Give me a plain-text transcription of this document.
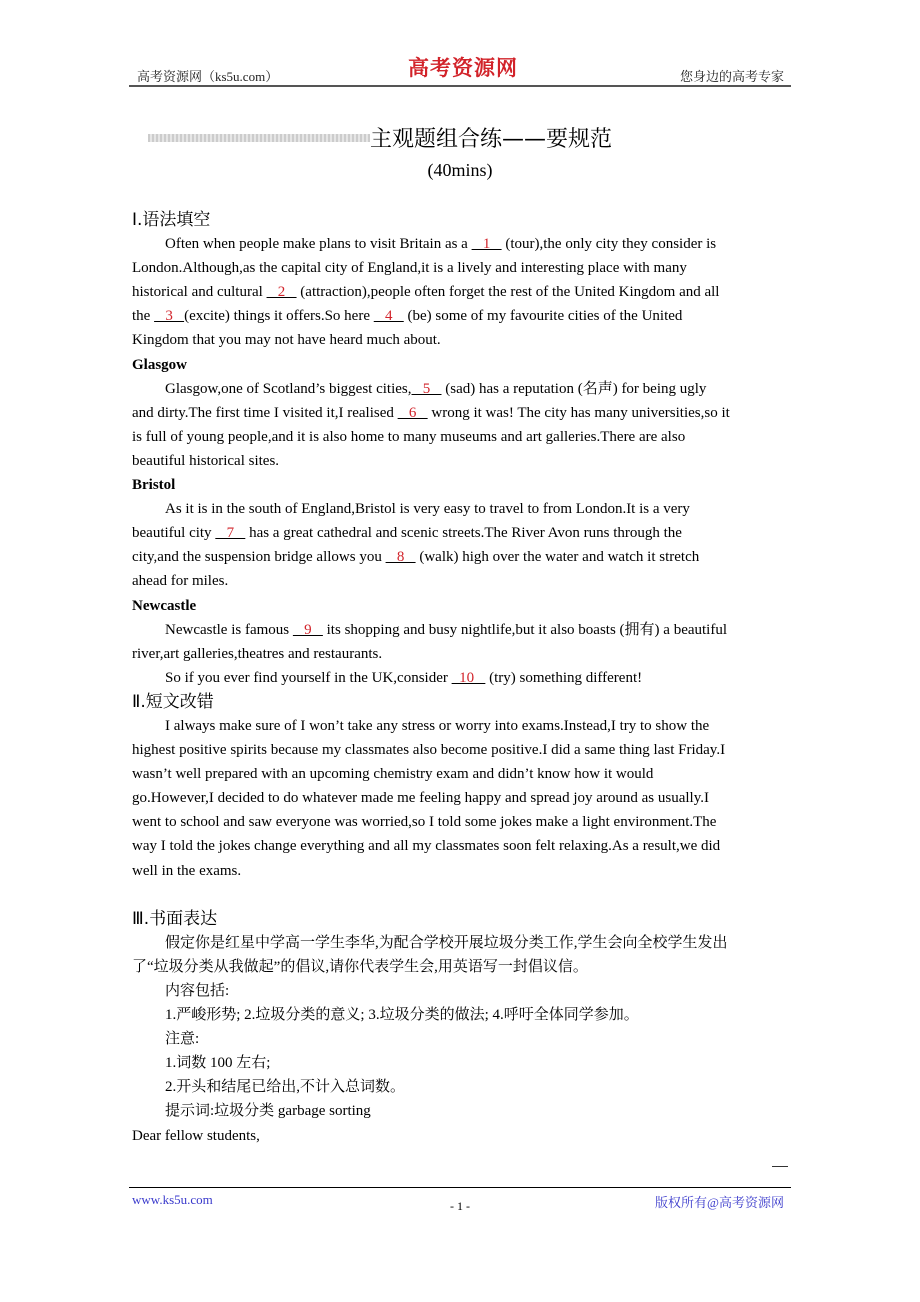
高考资源网（ks5u.com）	高考资源网	您身边的高考专家
主观题组合练——要规范
(40mins)
Ⅰ.语法填空
Often when people make plans to visit Britain as a    1    (tour),the only city they consider is
London.Although,as the capital city of England,it is a lively and interesting place with many
historical and cultural    2    (attraction),people often forget the rest of the United Kingdom and all
the    3   (excite) things it offers.So here    4    (be) some of my favourite cities of the United
Kingdom that you may not have heard much about.
Glasgow
Glasgow,one of Scotland’s biggest cities,   5    (sad) has a reputation (名声) for being ugly
and dirty.The first time I visited it,I realised    6    wrong it was! The city has many universities,so it
is full of young people,and it is also home to many museums and art galleries.There are also
beautiful historical sites.
Bristol
As it is in the south of England,Bristol is very easy to travel to from London.It is a very
beautiful city    7    has a great cathedral and scenic streets.The River Avon runs through the
city,and the suspension bridge allows you    8    (walk) high over the water and watch it stretch
ahead for miles.
Newcastle
Newcastle is famous    9    its shopping and busy nightlife,but it also boasts (拥有) a beautiful
river,art galleries,theatres and restaurants.
So if you ever find yourself in the UK,consider   10    (try) something different!
Ⅱ.短文改错
I always make sure of I won’t take any stress or worry into exams.Instead,I try to show the
highest positive spirits because my classmates also become positive.I did a same thing last Friday.I
wasn’t well prepared with an upcoming chemistry exam and didn’t know how it would
go.However,I decided to do whatever made me feeling happy and spread joy around as usually.I
went to school and saw everyone was worried,so I told some jokes make a light environment.The
way I told the jokes change everything and all my classmates soon felt relaxing.As a result,we did
well in the exams.
Ⅲ.书面表达
假定你是红星中学高一学生李华,为配合学校开展垃圾分类工作,学生会向全校学生发出
了“垃圾分类从我做起”的倡议,请你代表学生会,用英语写一封倡议信。
内容包括:
1.严峻形势; 2.垃圾分类的意义; 3.垃圾分类的做法; 4.呼吁全体同学参加。
注意:
1.词数 100 左右;
2.开头和结尾已给出,不计入总词数。
提示词:垃圾分类 garbage sorting
Dear fellow students,
www.ks5u.com	- 1 -	版权所有@高考资源网
